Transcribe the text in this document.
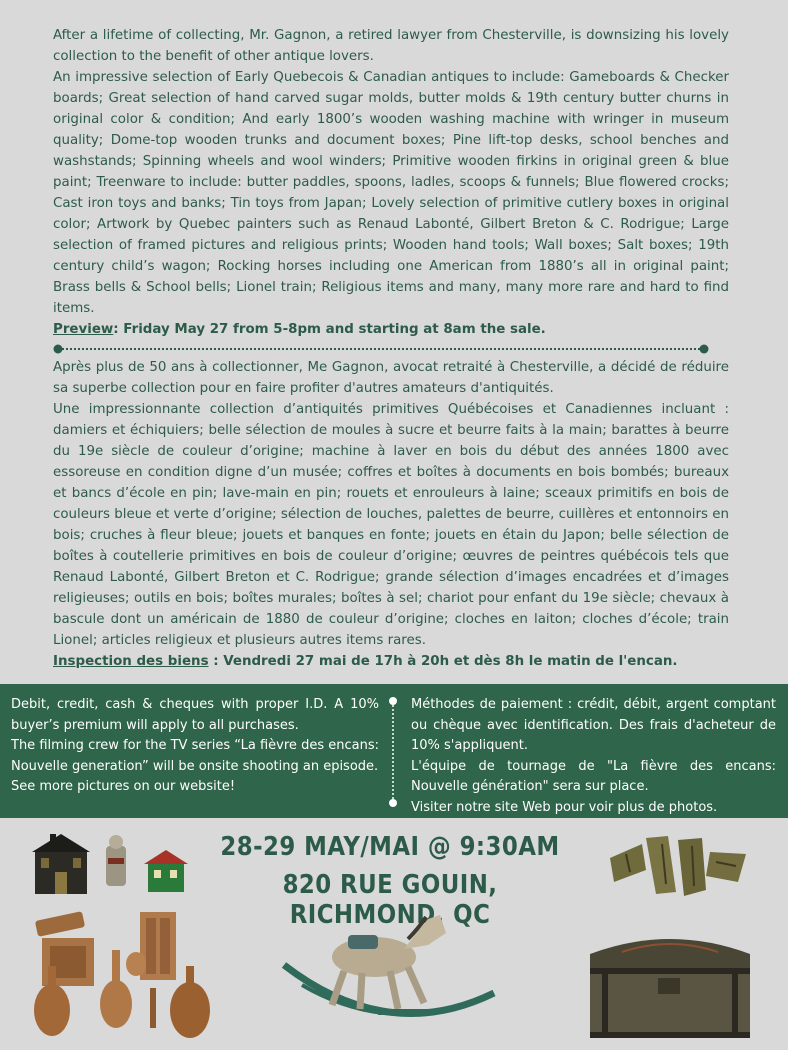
After a lifetime of collecting, Mr. Gagnon, a retired lawyer from Chesterville, is downsizing his lovely collection to the benefit of other antique lovers.

An impressive selection of Early Quebecois & Canadian antiques to include: Gameboards & Checker boards; Great selection of hand carved sugar molds, butter molds & 19th century butter churns in original color & condition; And early 1800’s wooden washing machine with wringer in museum quality; Dome-top wooden trunks and document boxes; Pine lift-top desks, school benches and washstands; Spinning wheels and wool winders; Primitive wooden firkins in original green & blue paint; Treenware to include: butter paddles, spoons, ladles, scoops & funnels; Blue flowered crocks; Cast iron toys and banks; Tin toys from Japan; Lovely selection of primitive cutlery boxes in original color; Artwork by Quebec painters such as Renaud Labonté, Gilbert Breton & C. Rodrigue; Large selection of framed pictures and religious prints; Wooden hand tools; Wall boxes; Salt boxes; 19th century child’s wagon; Rocking horses including one American from 1880’s all in original paint; Brass bells & School bells; Lionel train; Religious items and many, many more rare and hard to find items.

Preview: Friday May 27 from 5-8pm and starting at 8am the sale.

Après plus de 50 ans à collectionner, Me Gagnon, avocat retraité à Chesterville, a décidé de réduire sa superbe collection pour en faire profiter d'autres amateurs d'antiquités.

Une impressionnante collection d’antiquités primitives Québécoises et Canadiennes incluant : damiers et échiquiers; belle sélection de moules à sucre et beurre faits à la main; barattes à beurre du 19e siècle de couleur d’origine; machine à laver en bois du début des années 1800 avec essoreuse en condition digne d’un musée; coffres et boîtes à documents en bois bombés; bureaux et bancs d’école en pin; lave-main en pin; rouets et enrouleurs à laine; sceaux primitifs en bois de couleurs bleue et verte d’origine; sélection de louches, palettes de beurre, cuillères et entonnoirs en bois; cruches à fleur bleue; jouets et banques en fonte; jouets en étain du Japon; belle sélection de boîtes à coutellerie primitives en bois de couleur d’origine; œuvres de peintres québécois tels que Renaud Labonté, Gilbert Breton et C. Rodrigue; grande sélection d’images encadrées et d’images religieuses; outils en bois; boîtes murales; boîtes à sel; chariot pour enfant du 19e siècle; chevaux à bascule dont un américain de 1880 de couleur d’origine; cloches en laiton; cloches d’école; train Lionel; articles religieux et plusieurs autres items rares.

Inspection des biens : Vendredi 27 mai de 17h à 20h et dès 8h le matin de l'encan.

Debit, credit, cash & cheques with proper I.D. A 10% buyer’s premium will apply to all purchases.

The filming crew for the TV series “La fièvre des encans: Nouvelle generation” will be onsite shooting an episode.

See more pictures on our website!

Méthodes de paiement : crédit, débit, argent comptant ou chèque avec identification. Des frais d'acheteur de 10% s'appliquent.

L'équipe de tournage de "La fièvre des encans: Nouvelle génération" sera sur place.

Visiter notre site Web pour voir plus de photos.

28-29 MAY/MAI @ 9:30AM
820 RUE GOUIN, RICHMOND, QC
